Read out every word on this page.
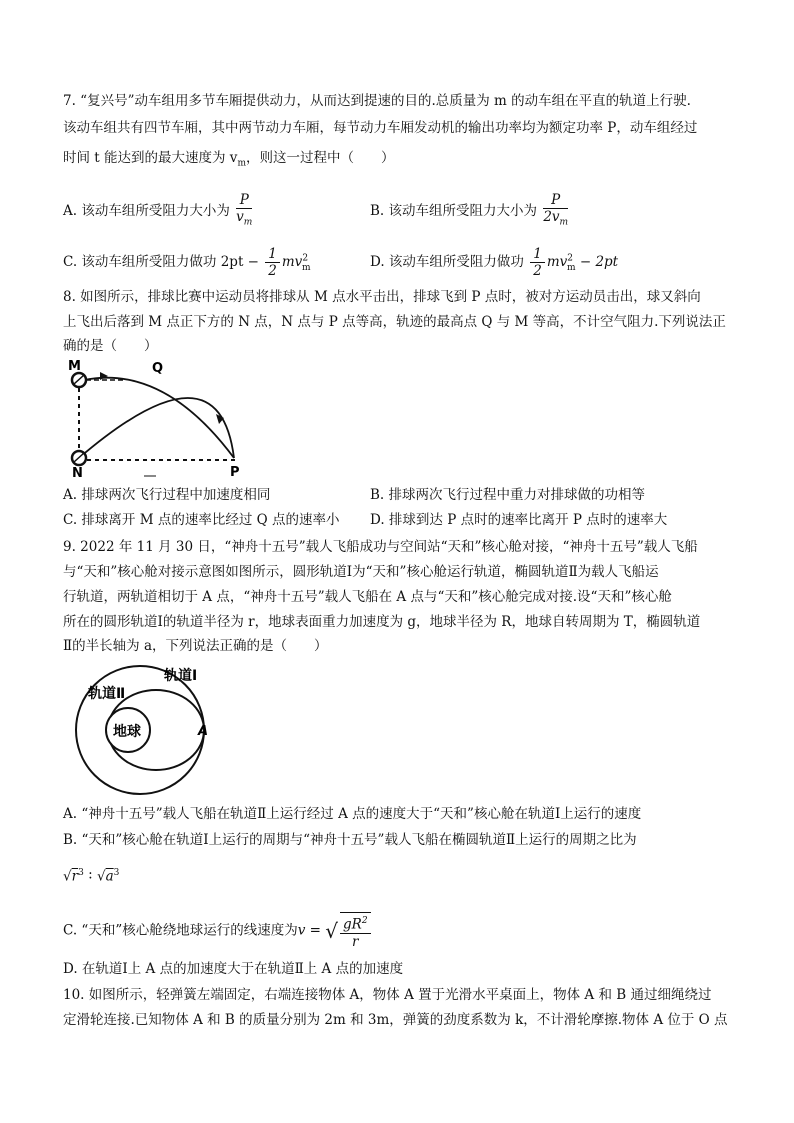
7. “复兴号”动车组用多节车厢提供动力，从而达到提速的目的.总质量为 m 的动车组在平直的轨道上行驶.
该动车组共有四节车厢，其中两节动力车厢，每节动力车厢发动机的输出功率均为额定功率 P，动车组经过
时间 t 能达到的最大速度为 $v_m$，则这一过程中（　　）
A. 该动车组所受阻力大小为 $\frac{P}{v_m}$	B. 该动车组所受阻力大小为 $\frac{P}{2v_m}$
C. 该动车组所受阻力做功 $2pt - \frac{1}{2} mv^2_m$	D. 该动车组所受阻力做功 $\frac{1}{2} mv^2_m - 2pt$
8. 如图所示，排球比赛中运动员将排球从 M 点水平击出，排球飞到 P 点时，被对方运动员击出，球又斜向
上飞出后落到 M 点正下方的 N 点，N 点与 P 点等高，轨迹的最高点 Q 与 M 等高，不计空气阻力.下列说法正
确的是（　　）
M	Q
N	P
A. 排球两次飞行过程中加速度相同	B. 排球两次飞行过程中重力对排球做的功相等
C. 排球离开 M 点的速率比经过 Q 点的速率小 D. 排球到达 P 点时的速率比离开 P 点时的速率大
9. 2022 年 11 月 30 日，“神舟十五号”载人飞船成功与空间站“天和”核心舱对接，“神舟十五号”载人飞船
与“天和”核心舱对接示意图如图所示，圆形轨道Ⅰ为“天和”核心舱运行轨道，椭圆轨道Ⅱ为载人飞船运
行轨道，两轨道相切于 A 点，“神舟十五号”载人飞船在 A 点与“天和”核心舱完成对接.设“天和”核心舱
所在的圆形轨道Ⅰ的轨道半径为 r，地球表面重力加速度为 g，地球半径为 R，地球自转周期为 T，椭圆轨道
Ⅱ的半长轴为 a，下列说法正确的是（　　）
轨道Ⅰ
轨道Ⅱ
地球	A
A. “神舟十五号”载人飞船在轨道Ⅱ上运行经过 A 点的速度大于“天和”核心舱在轨道Ⅰ上运行的速度
B. “天和”核心舱在轨道Ⅰ上运行的周期与“神舟十五号”载人飞船在椭圆轨道Ⅱ上运行的周期之比为
$√r^3$ : $√a^3$
C. “天和”核心舱绕地球运行的线速度为v = √ $\frac{gR^2}{r}$
D. 在轨道Ⅰ上 A 点的加速度大于在轨道Ⅱ上 A 点的加速度
10. 如图所示，轻弹簧左端固定，右端连接物体 A，物体 A 置于光滑水平桌面上，物体 A 和 B 通过细绳绕过
定滑轮连接.已知物体 A 和 B 的质量分别为 2m 和 3m，弹簧的劲度系数为 k，不计滑轮摩擦.物体 A 位于 O 点
